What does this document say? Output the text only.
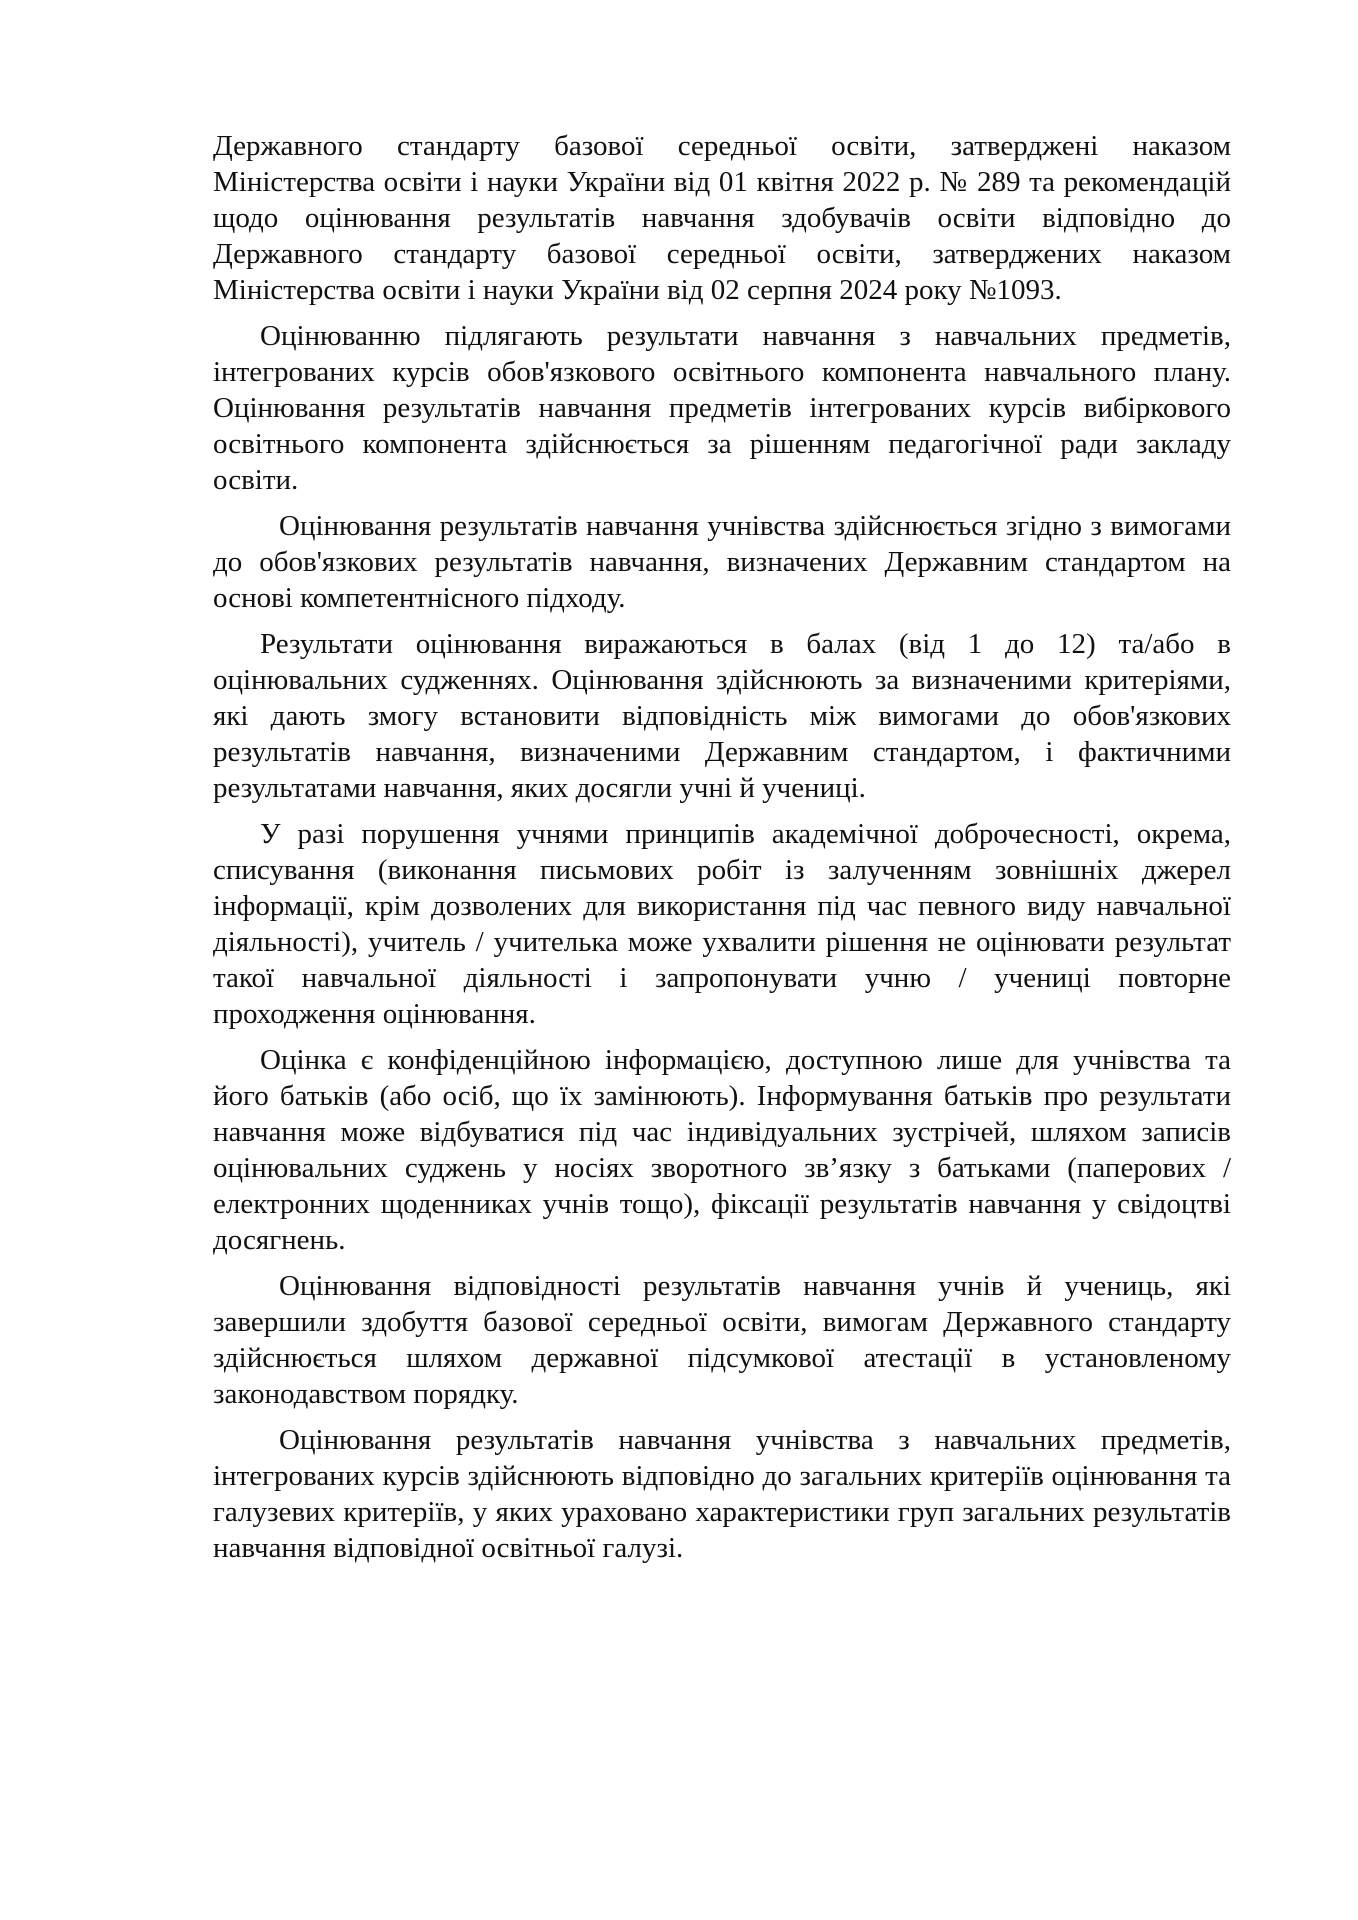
Державного стандарту базової середньої освіти, затверджені наказом Міністерства освіти і науки України від 01 квітня 2022 р. № 289 та рекомендацій щодо оцінювання результатів навчання здобувачів освіти відповідно до Державного стандарту базової середньої освіти, затверджених наказом Міністерства освіти і науки України від 02 серпня 2024 року №1093.

Оцінюванню підлягають результати навчання з навчальних предметів, інтегрованих курсів обов'язкового освітнього компонента навчального плану. Оцінювання результатів навчання предметів інтегрованих курсів вибіркового освітнього компонента здійснюється за рішенням педагогічної ради закладу освіти.

Оцінювання результатів навчання учнівства здійснюється згідно з вимогами до обов'язкових результатів навчання, визначених Державним стандартом на основі компетентнісного підходу.

Результати оцінювання виражаються в балах (від 1 до 12) та/або в оцінювальних судженнях. Оцінювання здійснюють за визначеними критеріями, які дають змогу встановити відповідність між вимогами до обов'язкових результатів навчання, визначеними Державним стандартом, і фактичними результатами навчання, яких досягли учні й учениці.

У разі порушення учнями принципів академічної доброчесності, окрема, списування (виконання письмових робіт із залученням зовнішніх джерел інформації, крім дозволених для використання під час певного виду навчальної діяльності), учитель / учителька може ухвалити рішення не оцінювати результат такої навчальної діяльності і запропонувати учню / учениці повторне проходження оцінювання.

Оцінка є конфіденційною інформацією, доступною лише для учнівства та його батьків (або осіб, що їх замінюють). Інформування батьків про результати навчання може відбуватися під час індивідуальних зустрічей, шляхом записів оцінювальних суджень у носіях зворотного зв’язку з батьками (паперових / електронних щоденниках учнів тощо), фіксації результатів навчання у свідоцтві досягнень.

Оцінювання відповідності результатів навчання учнів й учениць, які завершили здобуття базової середньої освіти, вимогам Державного стандарту здійснюється шляхом державної підсумкової атестації в установленому законодавством порядку.

Оцінювання результатів навчання учнівства з навчальних предметів, інтегрованих курсів здійснюють відповідно до загальних критеріїв оцінювання та галузевих критеріїв, у яких ураховано характеристики груп загальних результатів навчання відповідної освітньої галузі.
